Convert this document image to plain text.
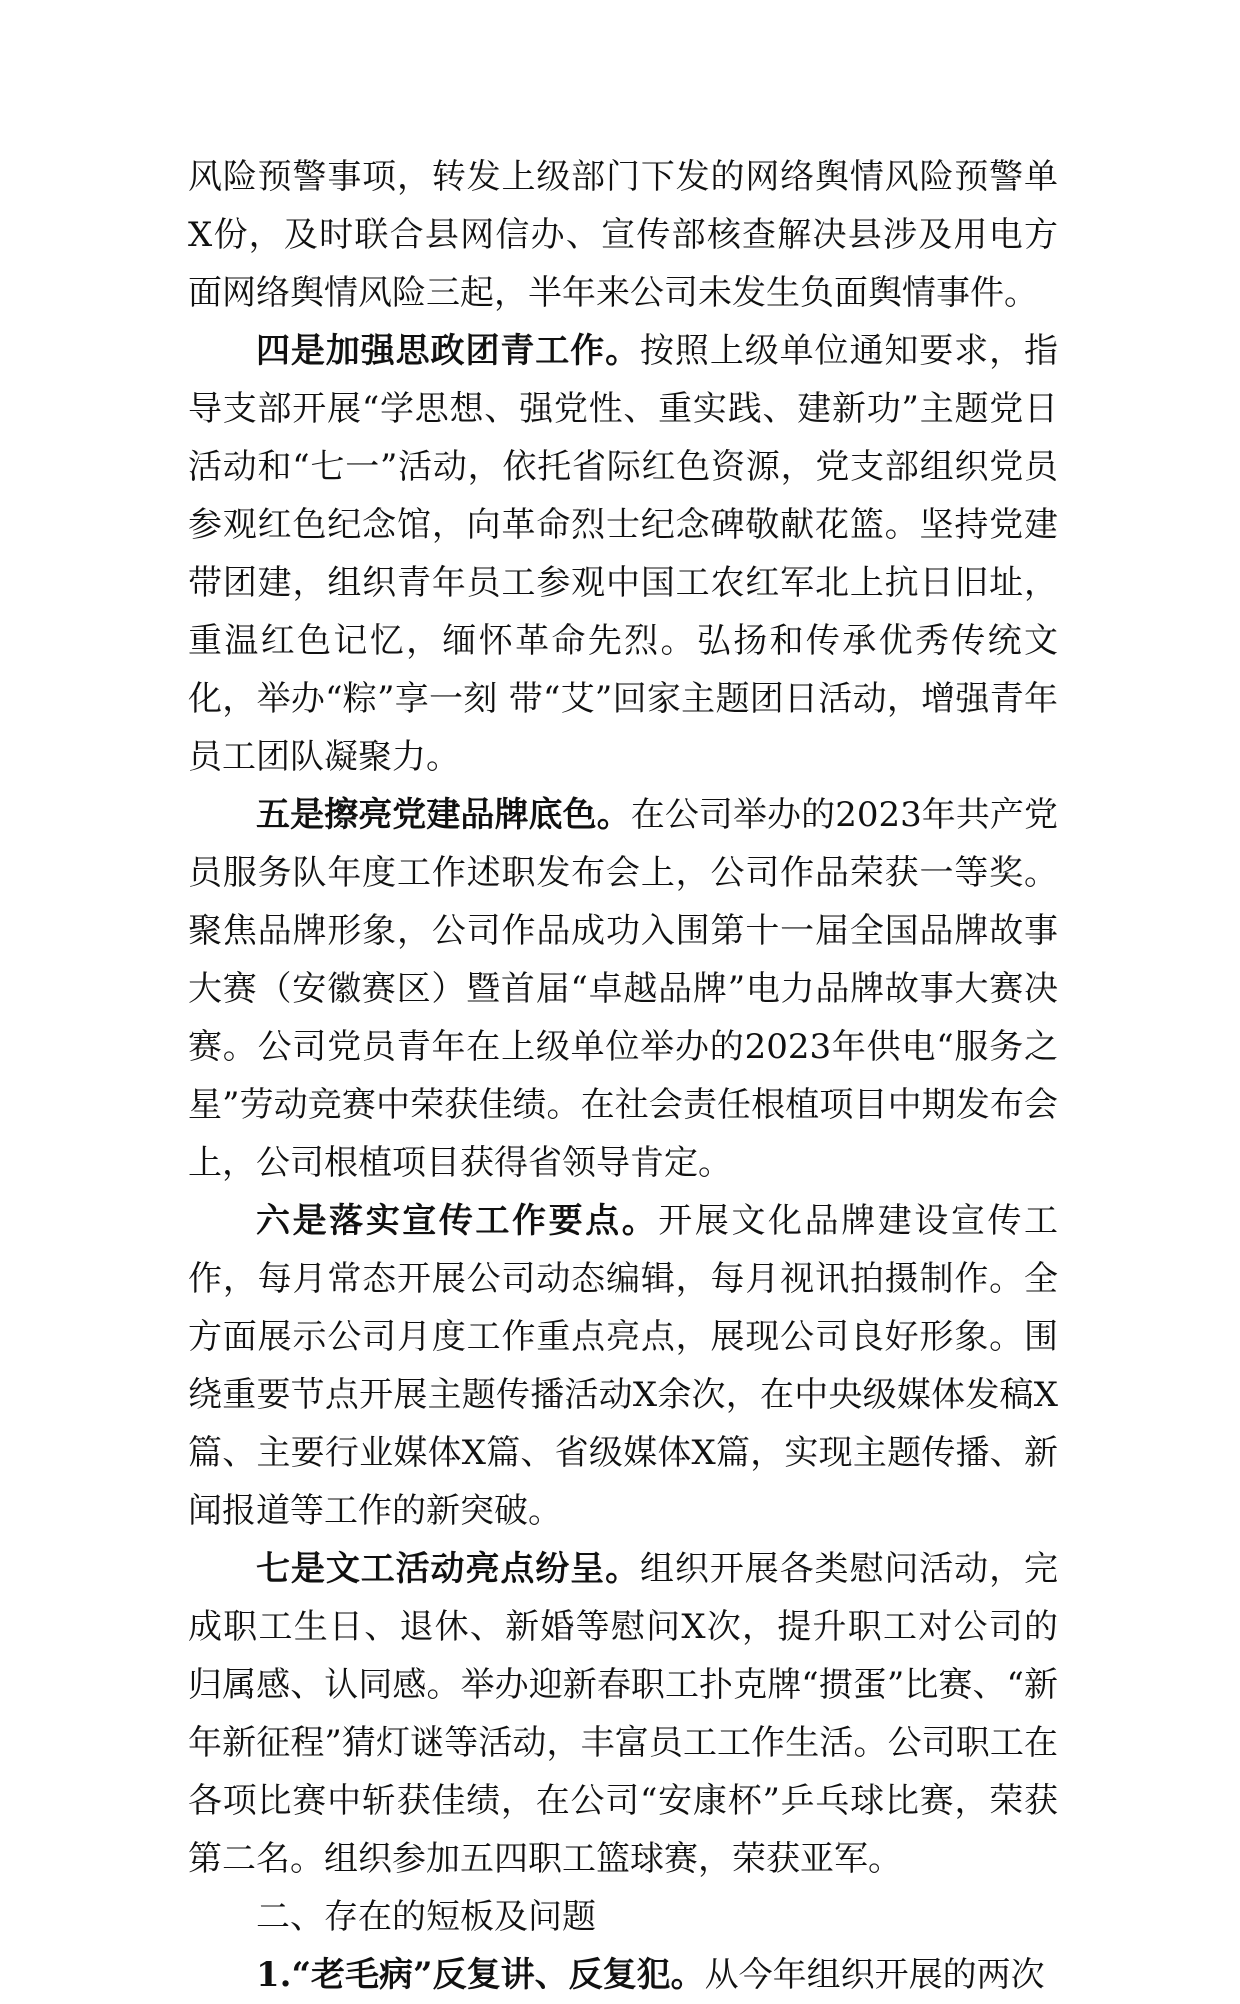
风险预警事项，转发上级部门下发的网络舆情风险预警单X份，及时联合县网信办、宣传部核查解决县涉及用电方面网络舆情风险三起，半年来公司未发生负面舆情事件。

四是加强思政团青工作。按照上级单位通知要求，指导支部开展“学思想、强党性、重实践、建新功”主题党日活动和“七一”活动，依托省际红色资源，党支部组织党员参观红色纪念馆，向革命烈士纪念碑敬献花篮。坚持党建带团建，组织青年员工参观中国工农红军北上抗日旧址，重温红色记忆，缅怀革命先烈。弘扬和传承优秀传统文化，举办“粽”享一刻 带“艾”回家主题团日活动，增强青年员工团队凝聚力。

五是擦亮党建品牌底色。在公司举办的2023年共产党员服务队年度工作述职发布会上，公司作品荣获一等奖。聚焦品牌形象，公司作品成功入围第十一届全国品牌故事大赛（安徽赛区）暨首届“卓越品牌”电力品牌故事大赛决赛。公司党员青年在上级单位举办的2023年供电“服务之星”劳动竞赛中荣获佳绩。在社会责任根植项目中期发布会上，公司根植项目获得省领导肯定。

六是落实宣传工作要点。开展文化品牌建设宣传工作，每月常态开展公司动态编辑，每月视讯拍摄制作。全方面展示公司月度工作重点亮点，展现公司良好形象。围绕重要节点开展主题传播活动X余次，在中央级媒体发稿X篇、主要行业媒体X篇、省级媒体X篇，实现主题传播、新闻报道等工作的新突破。

七是文工活动亮点纷呈。组织开展各类慰问活动，完成职工生日、退休、新婚等慰问X次，提升职工对公司的归属感、认同感。举办迎新春职工扑克牌“掼蛋”比赛、“新年新征程”猜灯谜等活动，丰富员工工作生活。公司职工在各项比赛中斩获佳绩，在公司“安康杯”乒乓球比赛，荣获第二名。组织参加五四职工篮球赛，荣获亚军。

二、存在的短板及问题

1.“老毛病”反复讲、反复犯。从今年组织开展的两次
